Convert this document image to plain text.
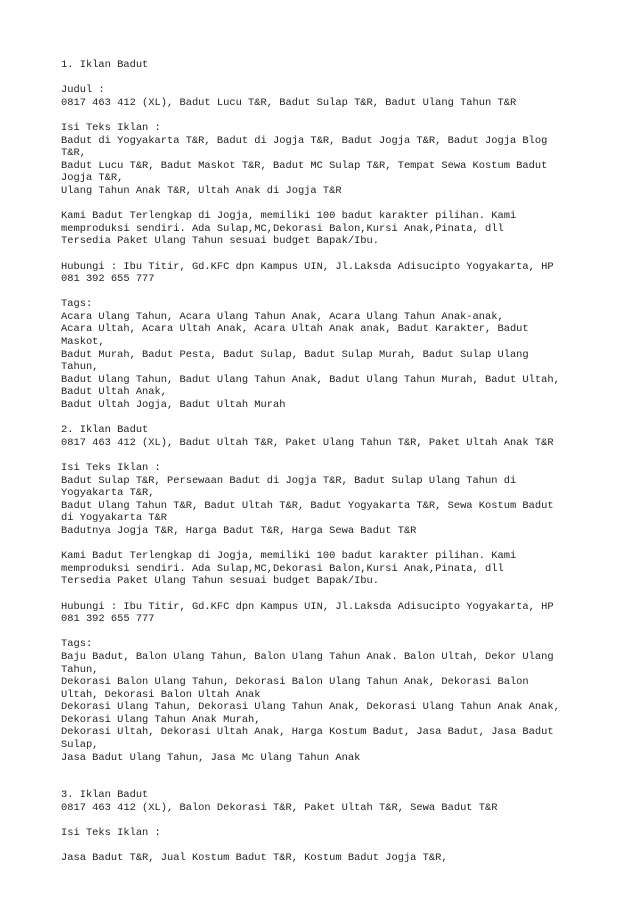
1. Iklan Badut
Judul :
0817 463 412 (XL), Badut Lucu T&R, Badut Sulap T&R, Badut Ulang Tahun T&R
Isi Teks Iklan :
Badut di Yogyakarta T&R, Badut di Jogja T&R, Badut Jogja T&R, Badut Jogja Blog
T&R,
Badut Lucu T&R, Badut Maskot T&R, Badut MC Sulap T&R, Tempat Sewa Kostum Badut
Jogja T&R,
Ulang Tahun Anak T&R, Ultah Anak di Jogja T&R
Kami Badut Terlengkap di Jogja, memiliki 100 badut karakter pilihan. Kami
memproduksi sendiri. Ada Sulap,MC,Dekorasi Balon,Kursi Anak,Pinata, dll
Tersedia Paket Ulang Tahun sesuai budget Bapak/Ibu.
Hubungi : Ibu Titir, Gd.KFC dpn Kampus UIN, Jl.Laksda Adisucipto Yogyakarta, HP
081 392 655 777
Tags:
Acara Ulang Tahun, Acara Ulang Tahun Anak, Acara Ulang Tahun Anak-anak,
Acara Ultah, Acara Ultah Anak, Acara Ultah Anak anak, Badut Karakter, Badut
Maskot,
Badut Murah, Badut Pesta, Badut Sulap, Badut Sulap Murah, Badut Sulap Ulang
Tahun,
Badut Ulang Tahun, Badut Ulang Tahun Anak, Badut Ulang Tahun Murah, Badut Ultah,
Badut Ultah Anak,
Badut Ultah Jogja, Badut Ultah Murah
2. Iklan Badut
0817 463 412 (XL), Badut Ultah T&R, Paket Ulang Tahun T&R, Paket Ultah Anak T&R
Isi Teks Iklan :
Badut Sulap T&R, Persewaan Badut di Jogja T&R, Badut Sulap Ulang Tahun di
Yogyakarta T&R,
Badut Ulang Tahun T&R, Badut Ultah T&R, Badut Yogyakarta T&R, Sewa Kostum Badut
di Yogyakarta T&R
Badutnya Jogja T&R, Harga Badut T&R, Harga Sewa Badut T&R
Kami Badut Terlengkap di Jogja, memiliki 100 badut karakter pilihan. Kami
memproduksi sendiri. Ada Sulap,MC,Dekorasi Balon,Kursi Anak,Pinata, dll
Tersedia Paket Ulang Tahun sesuai budget Bapak/Ibu.
Hubungi : Ibu Titir, Gd.KFC dpn Kampus UIN, Jl.Laksda Adisucipto Yogyakarta, HP
081 392 655 777
Tags:
Baju Badut, Balon Ulang Tahun, Balon Ulang Tahun Anak. Balon Ultah, Dekor Ulang
Tahun,
Dekorasi Balon Ulang Tahun, Dekorasi Balon Ulang Tahun Anak, Dekorasi Balon
Ultah, Dekorasi Balon Ultah Anak
Dekorasi Ulang Tahun, Dekorasi Ulang Tahun Anak, Dekorasi Ulang Tahun Anak Anak,
Dekorasi Ulang Tahun Anak Murah,
Dekorasi Ultah, Dekorasi Ultah Anak, Harga Kostum Badut, Jasa Badut, Jasa Badut
Sulap,
Jasa Badut Ulang Tahun, Jasa Mc Ulang Tahun Anak
3. Iklan Badut
0817 463 412 (XL), Balon Dekorasi T&R, Paket Ultah T&R, Sewa Badut T&R
Isi Teks Iklan :
Jasa Badut T&R, Jual Kostum Badut T&R, Kostum Badut Jogja T&R,
